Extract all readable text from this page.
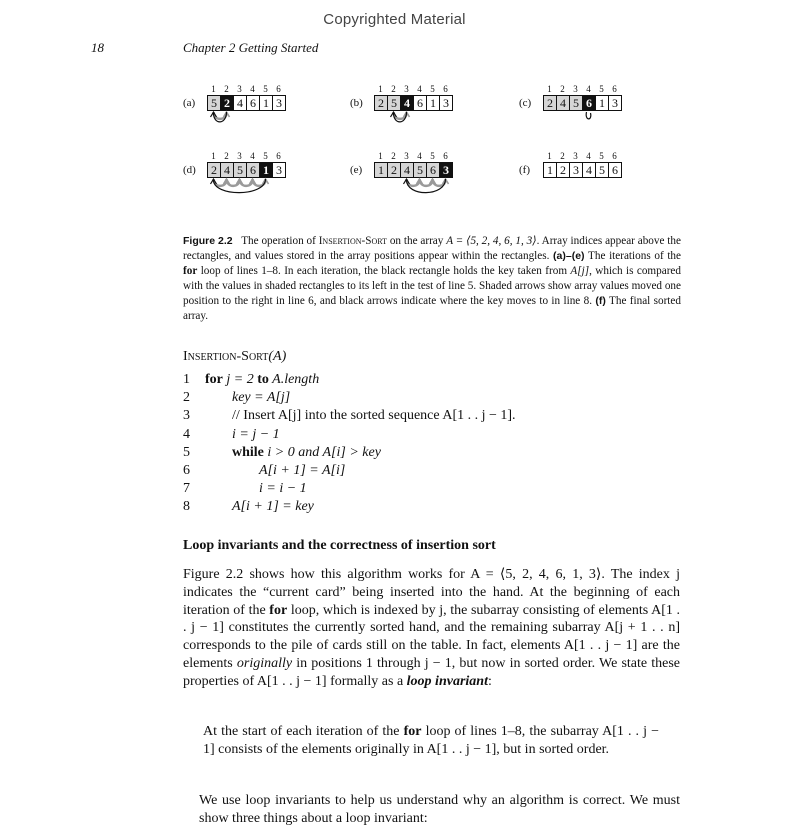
Copyrighted Material
18	Chapter 2 Getting Started
(a)
1 2 3 4 5 6
5 2 4 6 1 3	(b)
1 2 3 4 5 6
2 5 4 6 1 3	(c)
1 2 3 4 5 6
2 4 5 6 1 3
(d)
1 2 3 4 5 6
2 4 5 6 1 3	(e)
1 2 3 4 5 6
1 2 4 5 6 3	(f)
1 2 3 4 5 6
1 2 3 4 5 6
Figure 2.2 The operation of Insertion-Sort on the array A = ⟨5, 2, 4, 6, 1, 3⟩. Array indices appear above the rectangles, and values stored in the array positions appear within the rectangles. (a)–(e) The iterations of the for loop of lines 1–8. In each iteration, the black rectangle holds the key taken from A[j], which is compared with the values in shaded rectangles to its left in the test of line 5. Shaded arrows show array values moved one position to the right in line 6, and black arrows indicate where the key moves to in line 8. (f) The final sorted array.
Insertion-Sort(A)
1 for j = 2 to A.length
2	key = A[j]
3	// Insert A[j] into the sorted sequence A[1 . . j − 1].
4	i = j − 1
5	while i > 0 and A[i] > key
6	A[i + 1] = A[i]
7	i = i − 1
8	A[i + 1] = key
Loop invariants and the correctness of insertion sort
Figure 2.2 shows how this algorithm works for A = ⟨5, 2, 4, 6, 1, 3⟩. The index j indicates the “current card” being inserted into the hand. At the beginning of each iteration of the for loop, which is indexed by j, the subarray consisting of elements A[1 . . j − 1] constitutes the currently sorted hand, and the remaining subarray A[j + 1 . . n] corresponds to the pile of cards still on the table. In fact, elements A[1 . . j − 1] are the elements originally in positions 1 through j − 1, but now in sorted order. We state these properties of A[1 . . j − 1] formally as a loop invariant:
At the start of each iteration of the for loop of lines 1–8, the subarray A[1 . . j − 1] consists of the elements originally in A[1 . . j − 1], but in sorted order.
We use loop invariants to help us understand why an algorithm is correct. We must show three things about a loop invariant:
